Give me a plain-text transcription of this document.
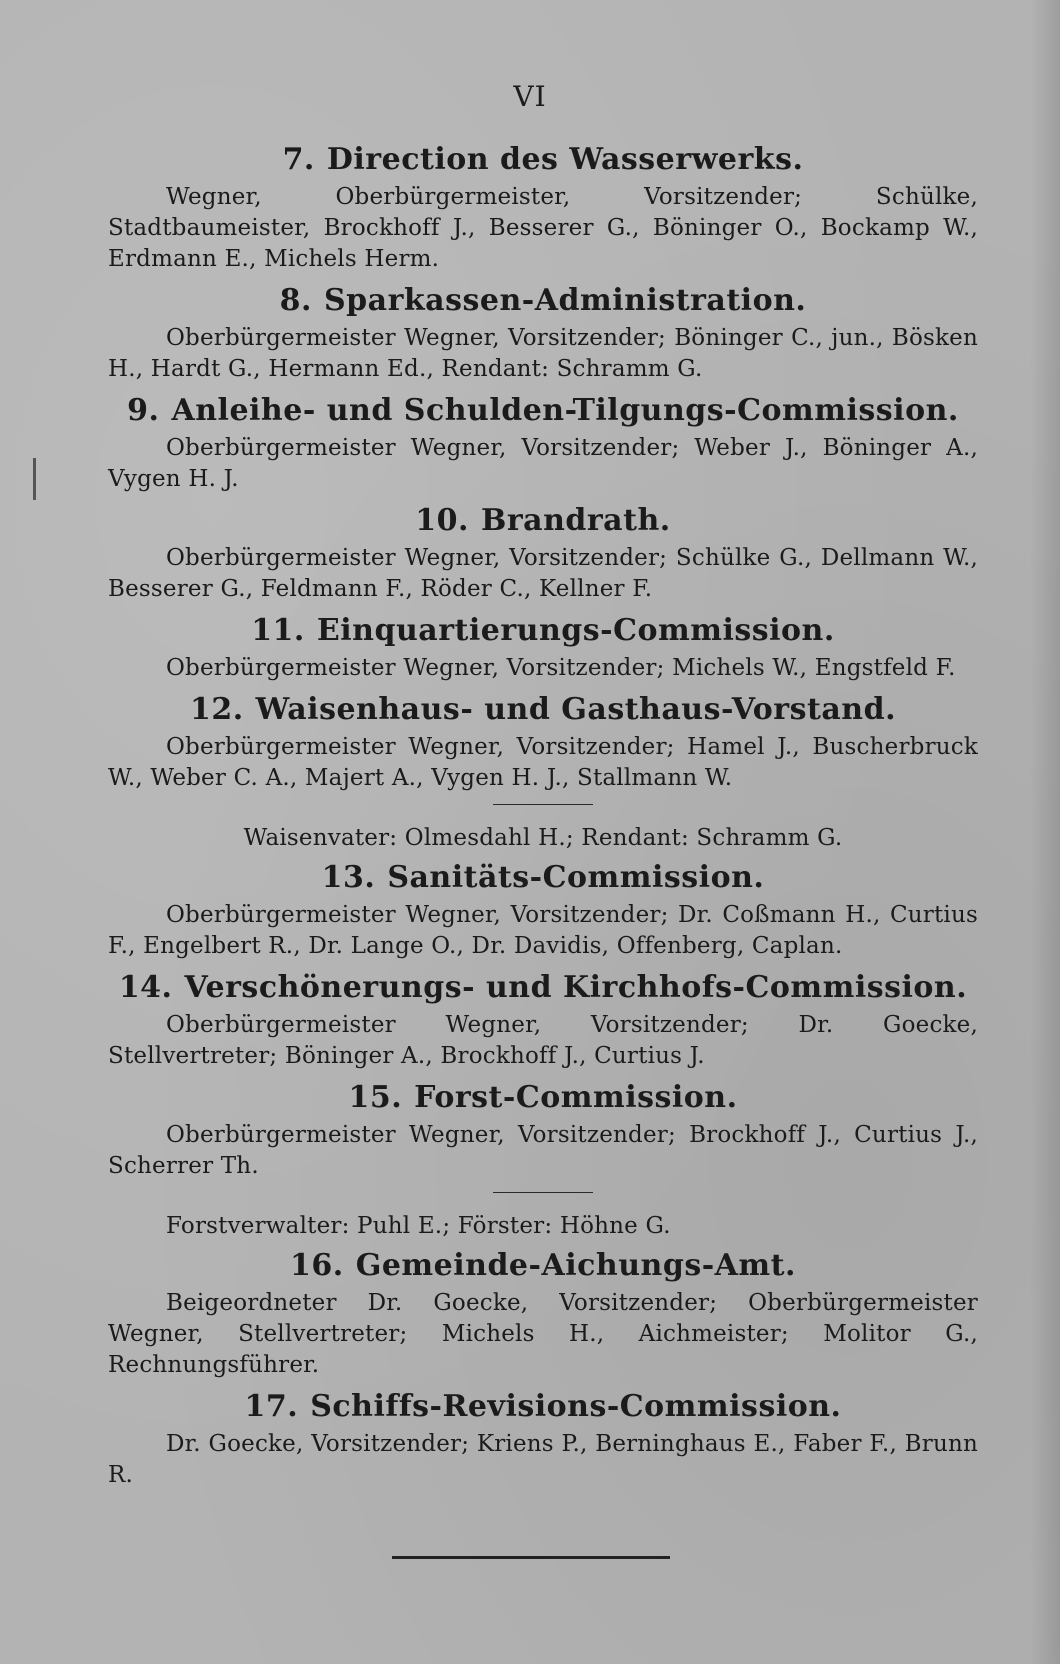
VI
7. Direction des Wasserwerks.

Wegner, Oberbürgermeister, Vorsitzender; Schülke, Stadtbaumeister, Brockhoff J., Besserer G., Böninger O., Bockamp W., Erdmann E., Michels Herm.

8. Sparkassen-Administration.

Oberbürgermeister Wegner, Vorsitzender; Böninger C., jun., Bösken H., Hardt G., Hermann Ed., Rendant: Schramm G.

9. Anleihe- und Schulden-Tilgungs-Commission.

Oberbürgermeister Wegner, Vorsitzender; Weber J., Böninger A., Vygen H. J.

10. Brandrath.

Oberbürgermeister Wegner, Vorsitzender; Schülke G., Dellmann W., Besserer G., Feldmann F., Röder C., Kellner F.

11. Einquartierungs-Commission.

Oberbürgermeister Wegner, Vorsitzender; Michels W., Engstfeld F.

12. Waisenhaus- und Gasthaus-Vorstand.

Oberbürgermeister Wegner, Vorsitzender; Hamel J., Buscherbruck W., Weber C. A., Majert A., Vygen H. J., Stallmann W.

Waisenvater: Olmesdahl H.; Rendant: Schramm G.

13. Sanitäts-Commission.

Oberbürgermeister Wegner, Vorsitzender; Dr. Coßmann H., Curtius F., Engelbert R., Dr. Lange O., Dr. Davidis, Offenberg, Caplan.

14. Verschönerungs- und Kirchhofs-Commission.

Oberbürgermeister Wegner, Vorsitzender; Dr. Goecke, Stellvertreter; Böninger A., Brockhoff J., Curtius J.

15. Forst-Commission.

Oberbürgermeister Wegner, Vorsitzender; Brockhoff J., Curtius J., Scherrer Th.

Forstverwalter: Puhl E.; Förster: Höhne G.

16. Gemeinde-Aichungs-Amt.

Beigeordneter Dr. Goecke, Vorsitzender; Oberbürgermeister Wegner, Stellvertreter; Michels H., Aichmeister; Molitor G., Rechnungsführer.

17. Schiffs-Revisions-Commission.

Dr. Goecke, Vorsitzender; Kriens P., Berninghaus E., Faber F., Brunn R.
